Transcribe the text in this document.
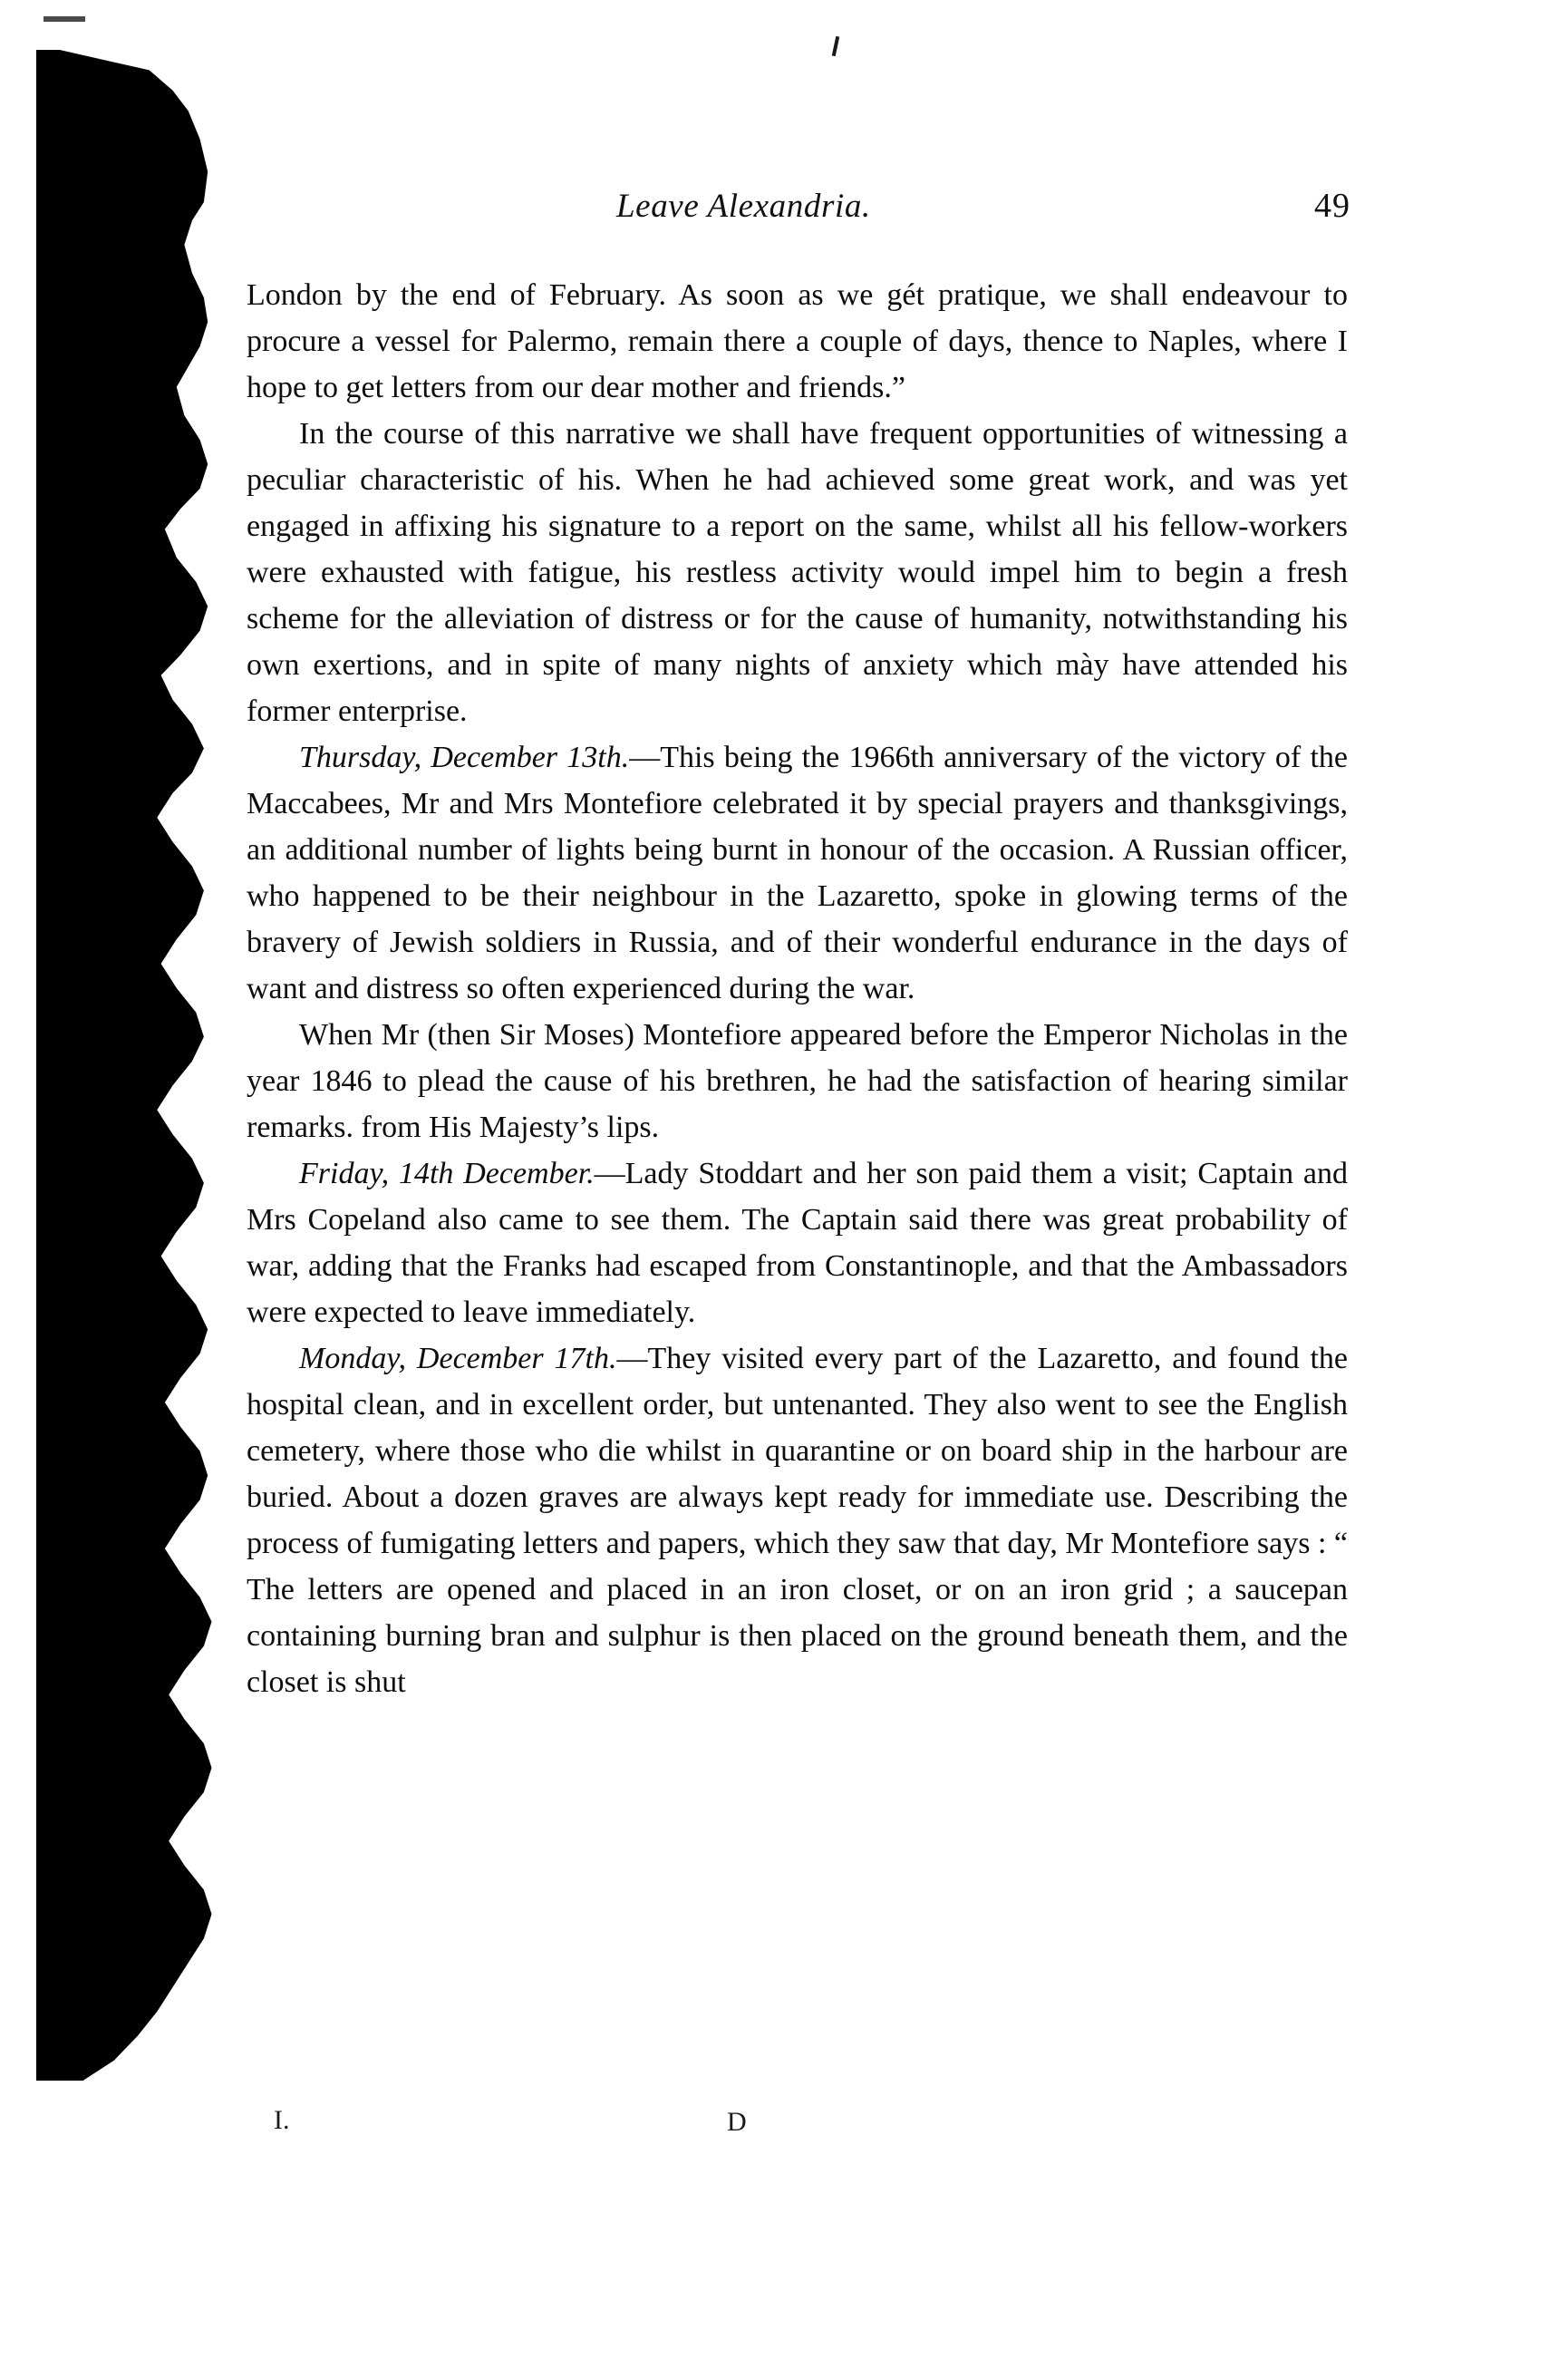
Leave Alexandria.	49

London by the end of February. As soon as we gét pratique, we shall endeavour to procure a vessel for Palermo, remain there a couple of days, thence to Naples, where I hope to get letters from our dear mother and friends.”

In the course of this narrative we shall have frequent opportunities of witnessing a peculiar characteristic of his. When he had achieved some great work, and was yet engaged in affixing his signature to a report on the same, whilst all his fellow-workers were exhausted with fatigue, his restless activity would impel him to begin a fresh scheme for the alleviation of distress or for the cause of humanity, notwithstanding his own exertions, and in spite of many nights of anxiety which mày have attended his former enterprise.

Thursday, December 13th.—This being the 1966th anniversary of the victory of the Maccabees, Mr and Mrs Montefiore celebrated it by special prayers and thanksgivings, an additional number of lights being burnt in honour of the occasion. A Russian officer, who happened to be their neighbour in the Lazaretto, spoke in glowing terms of the bravery of Jewish soldiers in Russia, and of their wonderful endurance in the days of want and distress so often experienced during the war.

When Mr (then Sir Moses) Montefiore appeared before the Emperor Nicholas in the year 1846 to plead the cause of his brethren, he had the satisfaction of hearing similar remarks. from His Majesty’s lips.

Friday, 14th December.—Lady Stoddart and her son paid them a visit; Captain and Mrs Copeland also came to see them. The Captain said there was great probability of war, adding that the Franks had escaped from Constantinople, and that the Ambassadors were expected to leave immediately.

Monday, December 17th.—They visited every part of the Lazaretto, and found the hospital clean, and in excellent order, but untenanted. They also went to see the English cemetery, where those who die whilst in quarantine or on board ship in the harbour are buried. About a dozen graves are always kept ready for immediate use. Describing the process of fumigating letters and papers, which they saw that day, Mr Montefiore says : “ The letters are opened and placed in an iron closet, or on an iron grid ; a saucepan containing burning bran and sulphur is then placed on the ground beneath them, and the closet is shut

I.	D
